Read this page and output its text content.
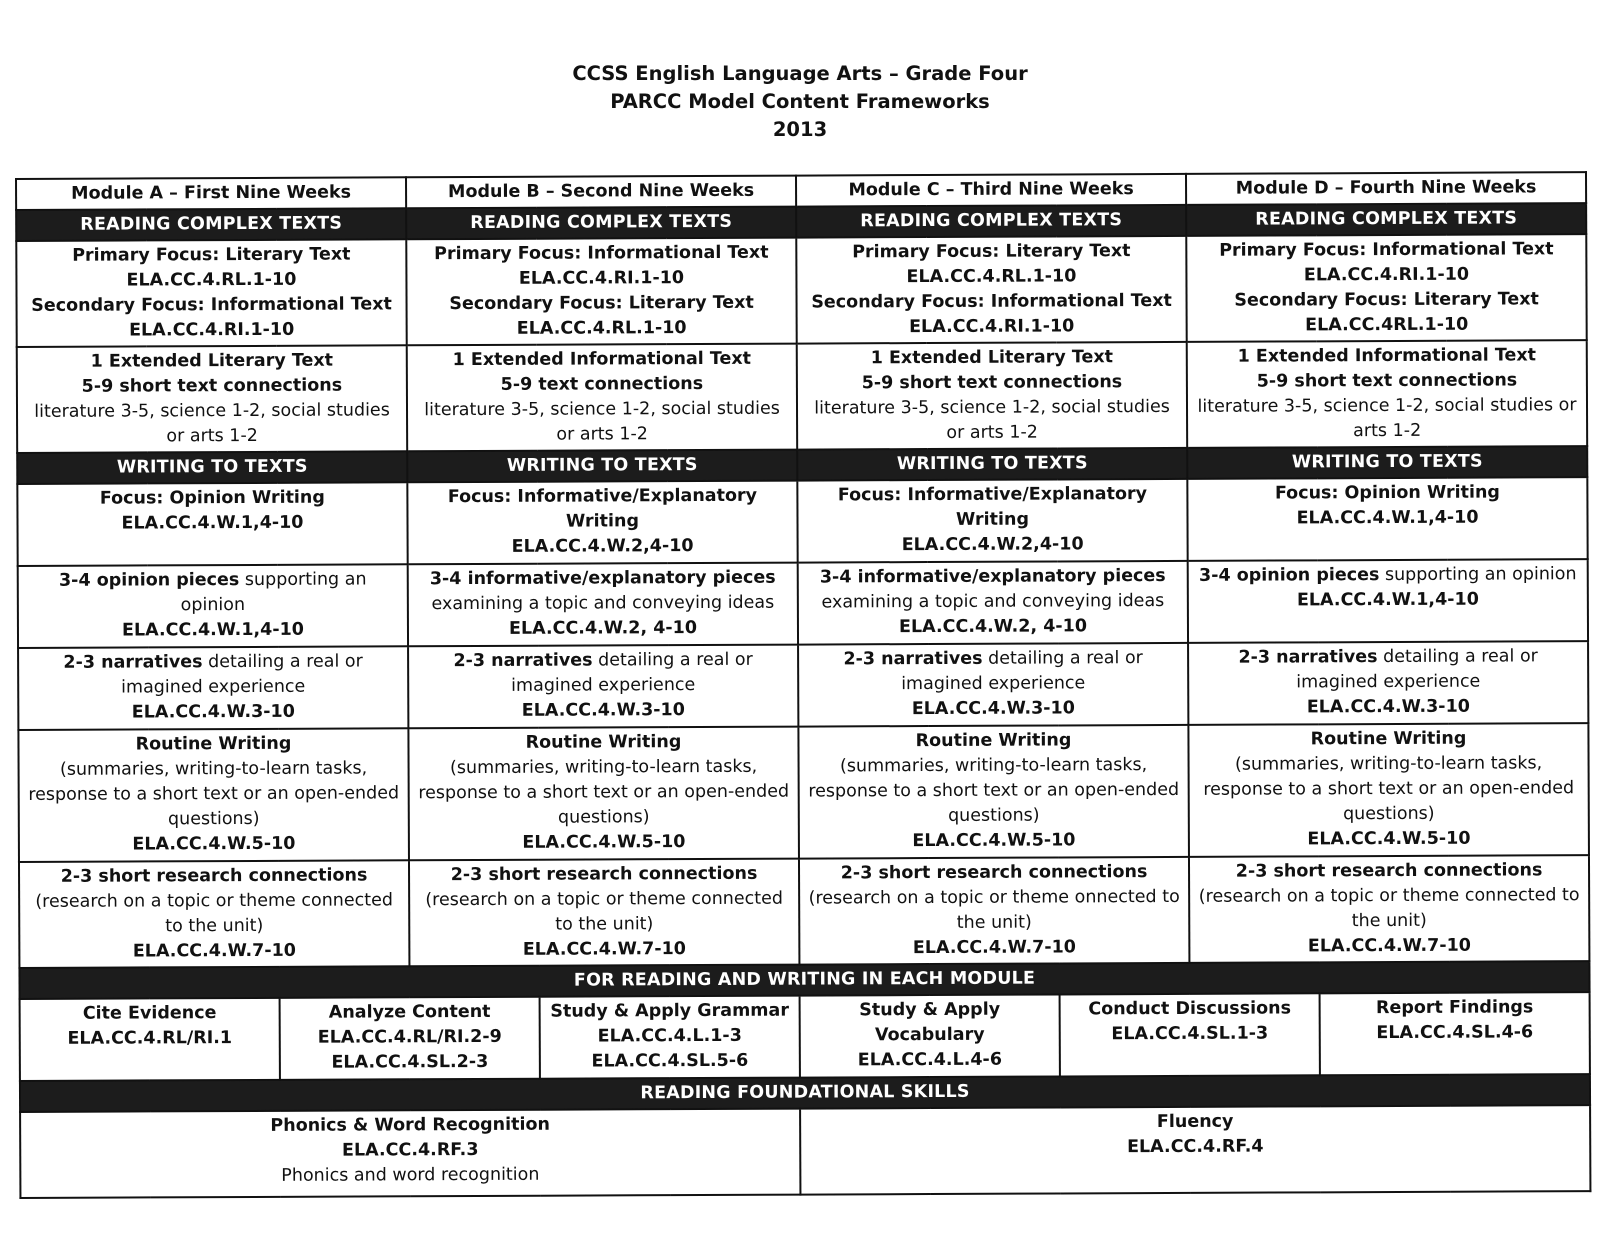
CCSS English Language Arts – Grade Four
PARCC Model Content Frameworks
2013
Module A – First Nine Weeks		Module B – Second Nine Weeks		Module C – Third Nine Weeks		Module D – Fourth Nine Weeks	
READING COMPLEX TEXTS		READING COMPLEX TEXTS		READING COMPLEX TEXTS		READING COMPLEX TEXTS	

Primary Focus: Literary Text
ELA.CC.4.RL.1-10
Secondary Focus: Informational Text
ELA.CC.4.RI.1-10		Primary Focus: Informational Text
ELA.CC.4.RI.1-10
Secondary Focus: Literary Text
ELA.CC.4.RL.1-10		Primary Focus: Literary Text
ELA.CC.4.RL.1-10
Secondary Focus: Informational Text
ELA.CC.4.RI.1-10		Primary Focus: Informational Text
ELA.CC.4.RI.1-10
Secondary Focus: Literary Text
ELA.CC.4RL.1-10	

1 Extended Literary Text
5-9 short text connections
literature 3-5, science 1-2, social studies or arts 1-2		1 Extended Informational Text
5-9 text connections
literature 3-5, science 1-2, social studies or arts 1-2		1 Extended Literary Text
5-9 short text connections
literature 3-5, science 1-2, social studies or arts 1-2		1 Extended Informational Text
5-9 short text connections
literature 3-5, science 1-2, social studies or arts 1-2	

WRITING TO TEXTS		WRITING TO TEXTS		WRITING TO TEXTS		WRITING TO TEXTS	

Focus: Opinion Writing
ELA.CC.4.W.1,4-10		Focus: Informative/Explanatory Writing
ELA.CC.4.W.2,4-10		Focus: Informative/Explanatory Writing
ELA.CC.4.W.2,4-10		Focus: Opinion Writing
ELA.CC.4.W.1,4-10	

3-4 opinion pieces supporting an opinion
ELA.CC.4.W.1,4-10		3-4 informative/explanatory pieces
examining a topic and conveying ideas
ELA.CC.4.W.2, 4-10		3-4 informative/explanatory pieces
examining a topic and conveying ideas
ELA.CC.4.W.2, 4-10		3-4 opinion pieces supporting an opinion
ELA.CC.4.W.1,4-10	

2-3 narratives detailing a real or imagined experience
ELA.CC.4.W.3-10		2-3 narratives detailing a real or imagined experience
ELA.CC.4.W.3-10		2-3 narratives detailing a real or imagined experience
ELA.CC.4.W.3-10		2-3 narratives detailing a real or imagined experience
ELA.CC.4.W.3-10	

Routine Writing
(summaries, writing-to-learn tasks, response to a short text or an open-ended questions)
ELA.CC.4.W.5-10		Routine Writing
(summaries, writing-to-learn tasks, response to a short text or an open-ended questions)
ELA.CC.4.W.5-10		Routine Writing
(summaries, writing-to-learn tasks, response to a short text or an open-ended questions)
ELA.CC.4.W.5-10		Routine Writing
(summaries, writing-to-learn tasks, response to a short text or an open-ended questions)
ELA.CC.4.W.5-10	

2-3 short research connections
(research on a topic or theme connected to the unit)
ELA.CC.4.W.7-10		2-3 short research connections
(research on a topic or theme connected to the unit)
ELA.CC.4.W.7-10		2-3 short research connections
(research on a topic or theme onnected to the unit)
ELA.CC.4.W.7-10		2-3 short research connections
(research on a topic or theme connected to the unit)
ELA.CC.4.W.7-10	

FOR READING AND WRITING IN EACH MODULE							

Cite Evidence
ELA.CC.4.RL/RI.1	Analyze Content
ELA.CC.4.RL/RI.2-9
ELA.CC.4.SL.2-3		Study & Apply Grammar
ELA.CC.4.L.1-3
ELA.CC.4.SL.5-6	Study & Apply Vocabulary
ELA.CC.4.L.4-6	Conduct Discussions
ELA.CC.4.SL.1-3		Report Findings
ELA.CC.4.SL.4-6

READING FOUNDATIONAL SKILLS							

Phonics & Word Recognition
ELA.CC.4.RF.3
Phonics and word recognition				Fluency
ELA.CC.4.RF.4			
